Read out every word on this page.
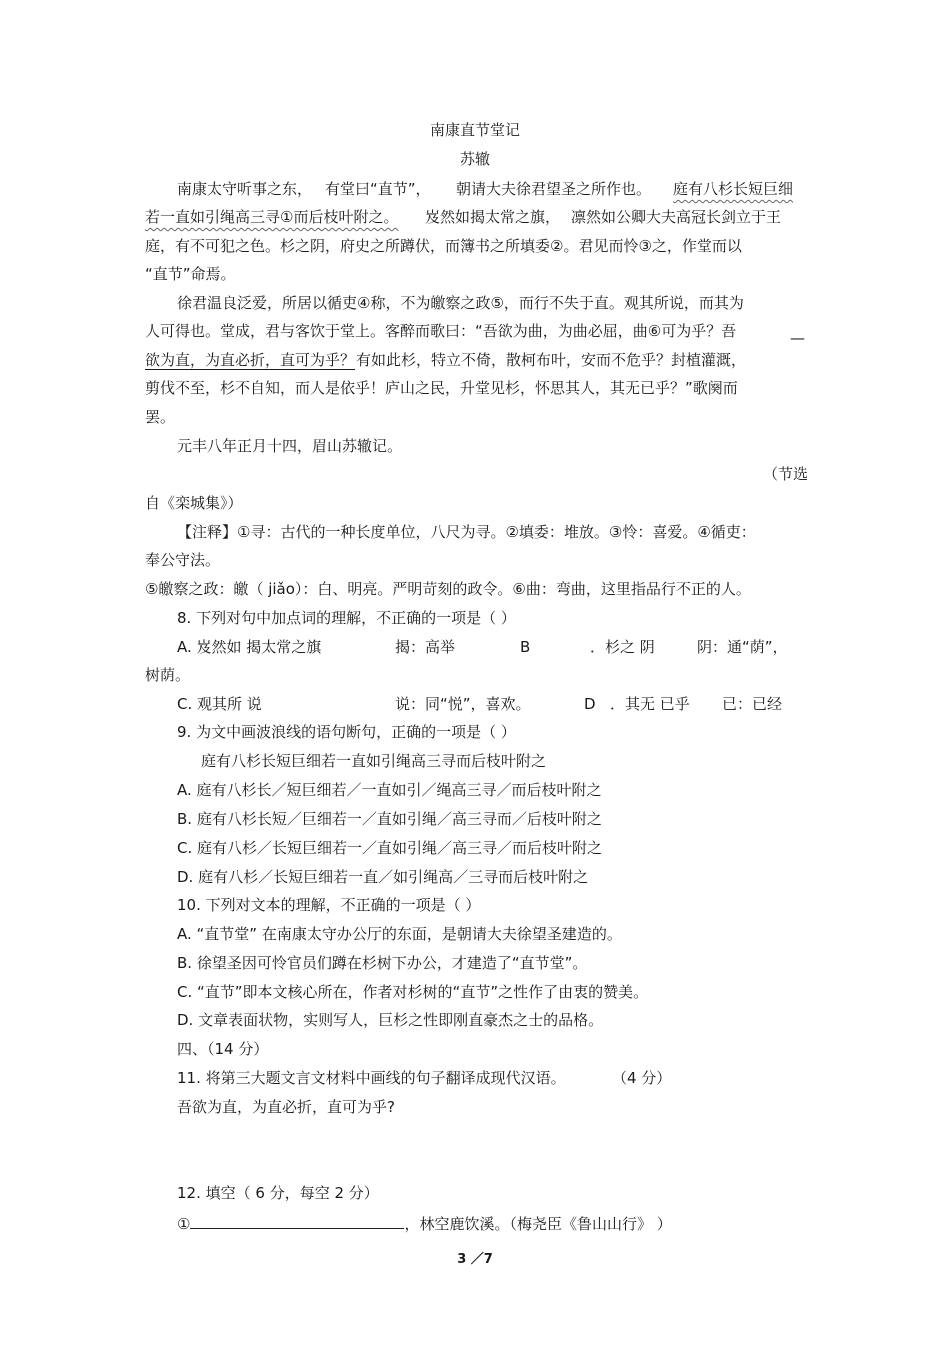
南康直节堂记
苏辙
南康太守听事之东， 有堂曰“直节”， 朝请大夫徐君望圣之所作也。 庭有八杉长短巨细
若一直如引绳高三寻①而后枝叶附之。 岌然如揭太常之旗， 凛然如公卿大夫高冠长剑立于王
庭，有不可犯之色。杉之阴，府史之所蹲伏，而簿书之所填委②。君见而怜③之，作堂而以
“直节”命焉。
徐君温良泛爱，所居以循吏④称，不为皦察之政⑤，而行不失于直。观其所说，而其为
人可得也。堂成，君与客饮于堂上。客醉而歌曰：“吾欲为曲，为曲必屈，曲⑥可为乎？吾	—
欲为直，为直必折，直可为乎？ 有如此杉，特立不倚，散柯布叶，安而不危乎？封植灌溉，
剪伐不至，杉不自知，而人是依乎！庐山之民，升堂见杉，怀思其人，其无已乎？”歌阕而
罢。
元丰八年正月十四，眉山苏辙记。
（节选
自《栾城集》）
【注释】①寻：古代的一种长度单位，八尺为寻。②填委：堆放。③怜：喜爱。④循吏：
奉公守法。
⑤皦察之政：皦（ jiǎo）：白、明亮。严明苛刻的政令。⑥曲：弯曲，这里指品行不正的人。
8. 下列对句中加点词的理解，不正确的一项是（ ）
A. 岌然如 揭太常之旗	揭：高举	B	．杉之 阴	阴：通“荫”，
树荫。
C. 观其所 说	说：同“悦”，喜欢。	D ．其无 已乎 已：已经
9. 为文中画波浪线的语句断句，正确的一项是（ ）
庭有八杉长短巨细若一直如引绳高三寻而后枝叶附之
A. 庭有八杉长／短巨细若／一直如引／绳高三寻／而后枝叶附之
B. 庭有八杉长短／巨细若一／直如引绳／高三寻而／后枝叶附之
C. 庭有八杉／长短巨细若一／直如引绳／高三寻／而后枝叶附之
D. 庭有八杉／长短巨细若一直／如引绳高／三寻而后枝叶附之
10. 下列对文本的理解，不正确的一项是（ ）
A. “直节堂” 在南康太守办公厅的东面，是朝请大夫徐望圣建造的。
B. 徐望圣因可怜官员们蹲在杉树下办公，才建造了“直节堂”。
C. “直节”即本文核心所在，作者对杉树的“直节”之性作了由衷的赞美。
D. 文章表面状物，实则写人，巨杉之性即刚直豪杰之士的品格。
四、（14 分）
11. 将第三大题文言文材料中画线的句子翻译成现代汉语。	（4 分）
吾欲为直，为直必折，直可为乎?
12. 填空（ 6 分，每空 2 分）
①	，林空鹿饮溪。（梅尧臣《鲁山山行》 ）
3 ／7
